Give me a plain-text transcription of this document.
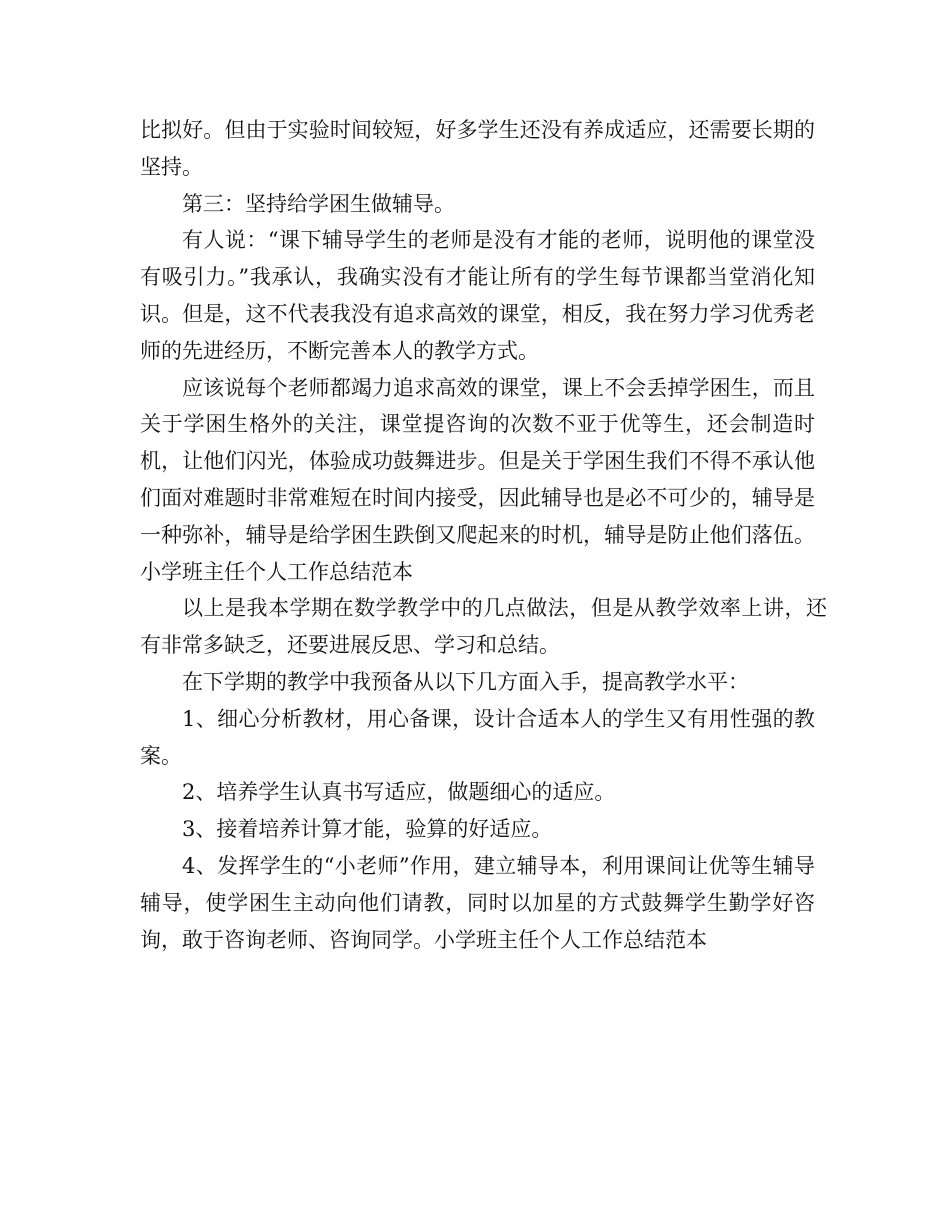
比拟好。但由于实验时间较短，好多学生还没有养成适应，还需要长期的坚持。

第三：坚持给学困生做辅导。

有人说：“课下辅导学生的老师是没有才能的老师，说明他的课堂没有吸引力。”我承认，我确实没有才能让所有的学生每节课都当堂消化知识。但是，这不代表我没有追求高效的课堂，相反，我在努力学习优秀老师的先进经历，不断完善本人的教学方式。

应该说每个老师都竭力追求高效的课堂，课上不会丢掉学困生，而且关于学困生格外的关注，课堂提咨询的次数不亚于优等生，还会制造时机，让他们闪光，体验成功鼓舞进步。但是关于学困生我们不得不承认他们面对难题时非常难短在时间内接受，因此辅导也是必不可少的，辅导是一种弥补，辅导是给学困生跌倒又爬起来的时机，辅导是防止他们落伍。小学班主任个人工作总结范本

以上是我本学期在数学教学中的几点做法，但是从教学效率上讲，还有非常多缺乏，还要进展反思、学习和总结。

在下学期的教学中我预备从以下几方面入手，提高教学水平：

1、细心分析教材，用心备课，设计合适本人的学生又有用性强的教案。

2、培养学生认真书写适应，做题细心的适应。

3、接着培养计算才能，验算的好适应。

4、发挥学生的“小老师”作用，建立辅导本，利用课间让优等生辅导辅导，使学困生主动向他们请教，同时以加星的方式鼓舞学生勤学好咨询，敢于咨询老师、咨询同学。小学班主任个人工作总结范本
